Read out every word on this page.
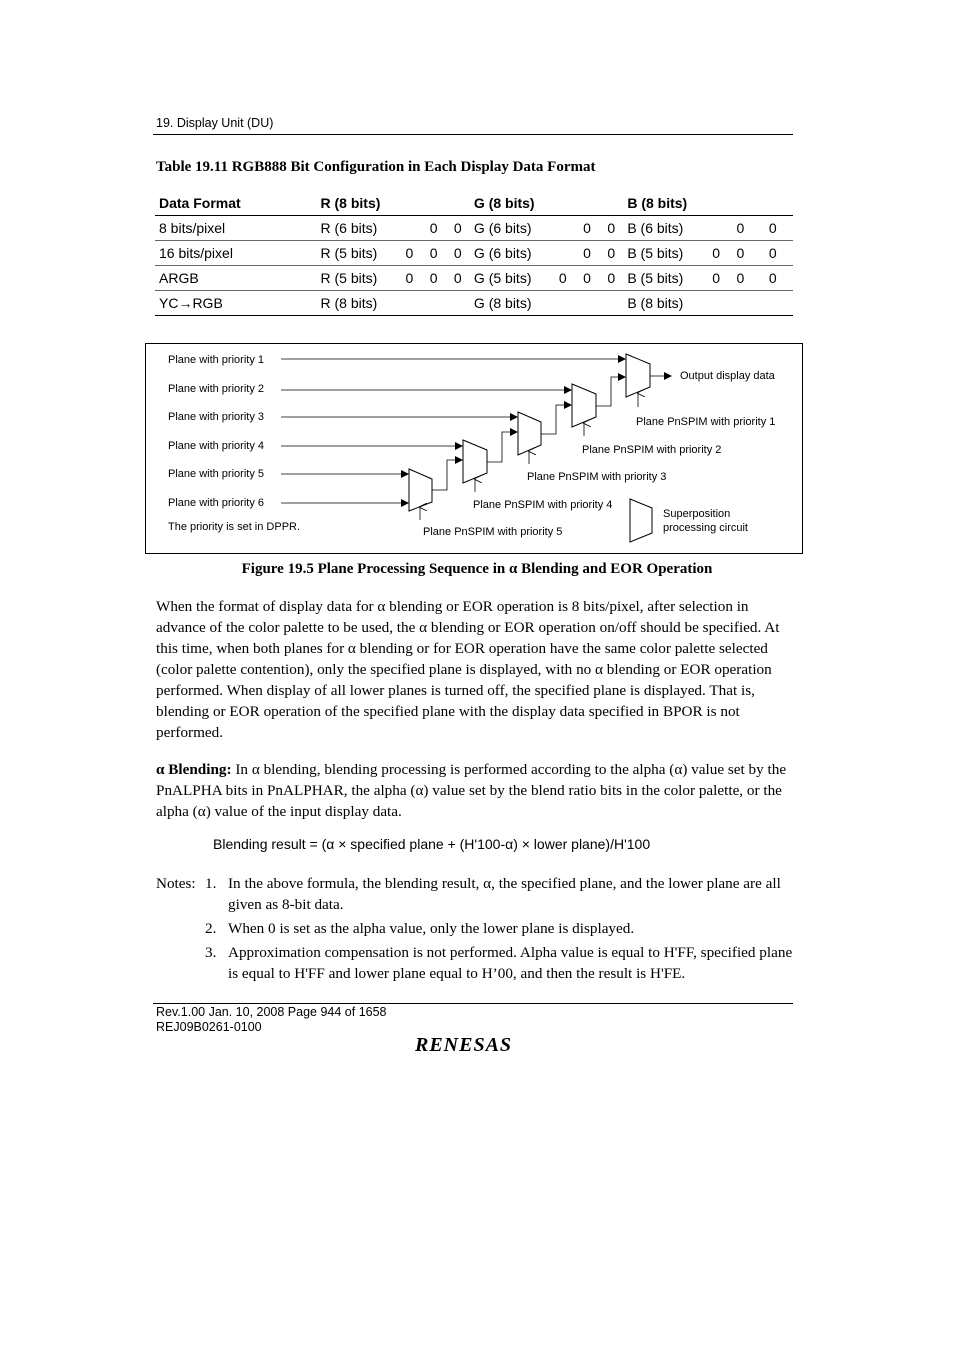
19. Display Unit (DU)
Table 19.11 RGB888 Bit Configuration in Each Display Data Format
Data Format	R (8 bits)				G (8 bits)				B (8 bits)			
8 bits/pixel	R (6 bits)		0	0	G (6 bits)		0	0	B (6 bits)		0	0
16 bits/pixel	R (5 bits)	0	0	0	G (6 bits)		0	0	B (5 bits)	0	0	0
ARGB	R (5 bits)	0	0	0	G (5 bits)	0	0	0	B (5 bits)	0	0	0
YC→RGB	R (8 bits)				G (8 bits)				B (8 bits)			
Plane with priority 1
Plane with priority 2
Plane with priority 3
Plane with priority 4
Plane with priority 5
Plane with priority 6
The priority is set in DPPR.
Output display data
Plane PnSPIM with priority 1
Plane PnSPIM with priority 2
Plane PnSPIM with priority 3
Plane PnSPIM with priority 4
Plane PnSPIM with priority 5
Superposition
processing circuit
Figure 19.5 Plane Processing Sequence in α Blending and EOR Operation
When the format of display data for α blending or EOR operation is 8 bits/pixel, after selection in advance of the color palette to be used, the α blending or EOR operation on/off should be specified. At this time, when both planes for α blending or for EOR operation have the same color palette selected (color palette contention), only the specified plane is displayed, with no α blending or EOR operation performed. When display of all lower planes is turned off, the specified plane is displayed. That is, blending or EOR operation of the specified plane with the display data specified in BPOR is not performed.
α Blending: In α blending, blending processing is performed according to the alpha (α) value set by the PnALPHA bits in PnALPHAR, the alpha (α) value set by the blend ratio bits in the color palette, or the alpha (α) value of the input display data.
Blending result = (α × specified plane + (H'100-α) × lower plane)/H'100
Notes: 1. In the above formula, the blending result, α, the specified plane, and the lower plane are all given as 8-bit data.
2. When 0 is set as the alpha value, only the lower plane is displayed.
3. Approximation compensation is not performed. Alpha value is equal to H'FF, specified plane is equal to H'FF and lower plane equal to H’00, and then the result is H'FE.
Rev.1.00 Jan. 10, 2008 Page 944 of 1658
REJ09B0261-0100
RENESAS
